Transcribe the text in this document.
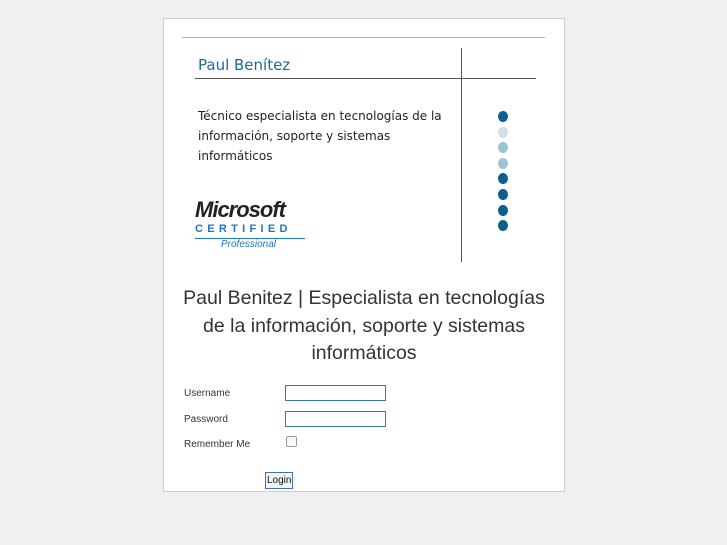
Paul Benítez
Técnico especialista en tecnologías de la información, soporte y sistemas informáticos
Microsoft
CERTIFIED
Professional
Paul Benitez | Especialista en tecnologías de la información, soporte y sistemas informáticos
Username
Password
Remember Me
Login
